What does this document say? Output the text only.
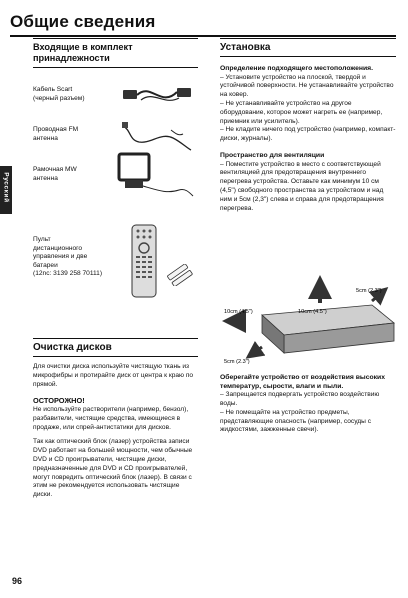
Общие сведения
Русский
Входящие в комплект принадлежности
Кабель Scart
(черный разъем)
Проводная FM
антенна
Рамочная MW
антенна
Пульт
дистанционного
управления и две
батареи
(12nc: 3139 258 70111)
Очистка дисков

Для очистки диска используйте чистящую ткань из микрофибры и протирайте диск от центра к краю по прямой.

ОСТОРОЖНО!

Не используйте растворители (например, бензол), разбавители, чистящие средства, имеющиеся в продаже, или спрей-антистатики для дисков.

Так как оптический блок (лазер) устройства записи DVD работает на большей мощности, чем обычные DVD и CD проигрыватели, чистящие диски, предназначенные для DVD и CD проигрывателей, могут повредить оптический блок (лазер). В связи с этим не рекомендуется использовать чистящие диски.

Установка

Определение подходящего местоположения.

– Установите устройство на плоской, твердой и устойчивой поверхности. Не устанавливайте устройство на ковер.
– Не устанавливайте устройство на другое оборудование, которое может нагреть ее (например, приемник или усилитель).
– Не кладите ничего под устройство (например, компакт-диски, журналы).

Пространство для вентиляции

– Поместите устройство в место с соответствующей вентиляцией для предотвращения внутреннего перегрева устройства. Оставьте как минимум 10 см (4,5") свободного пространства за устройством и над ним и 5см (2,3") слева и справа для предотвращения перегрева.

5cm (2.3")
10cm (4.5")	10cm (4.5")
5cm (2.3")

Оберегайте устройство от воздействия высоких температур, сырости, влаги и пыли.

– Запрещается подвергать устройство воздействию воды.
– Не помещайте на устройство предметы, представляющие опасность (например, сосуды с жидкостями, зажженные свечи).

96
